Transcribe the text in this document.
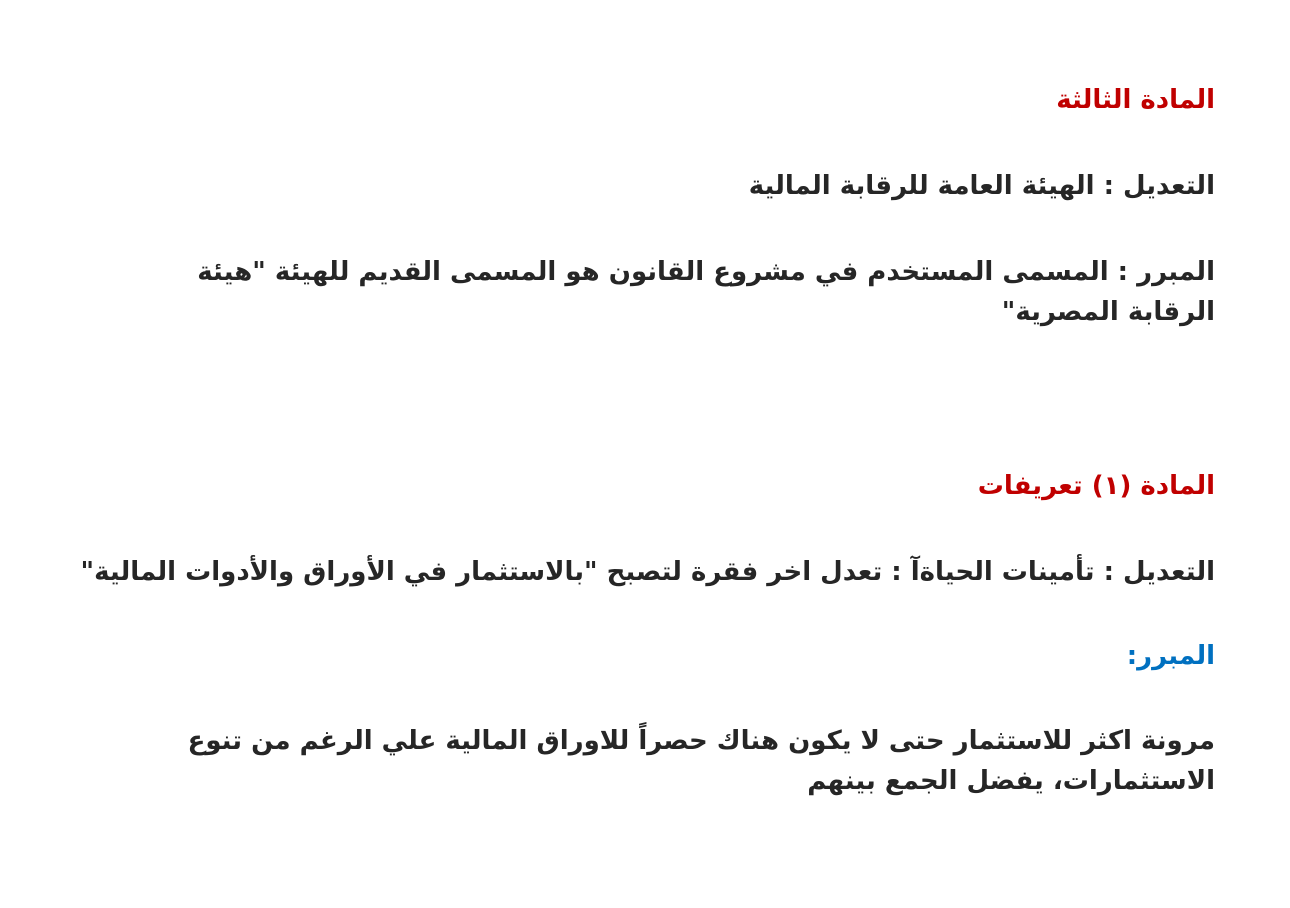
المادة الثالثة

التعديل : الهيئة العامة للرقابة المالية

المبرر : المسمى المستخدم في مشروع القانون هو المسمى القديم للهيئة "هيئة الرقابة المصرية"

المادة (١) تعريفات

التعديل : تأمينات الحياةآ : تعدل اخر فقرة لتصبح "بالاستثمار في الأوراق والأدوات المالية"

المبرر:

مرونة اكثر للاستثمار حتى لا يكون هناك حصراً للاوراق المالية علي الرغم من تنوع الاستثمارات، يفضل الجمع بينهم
